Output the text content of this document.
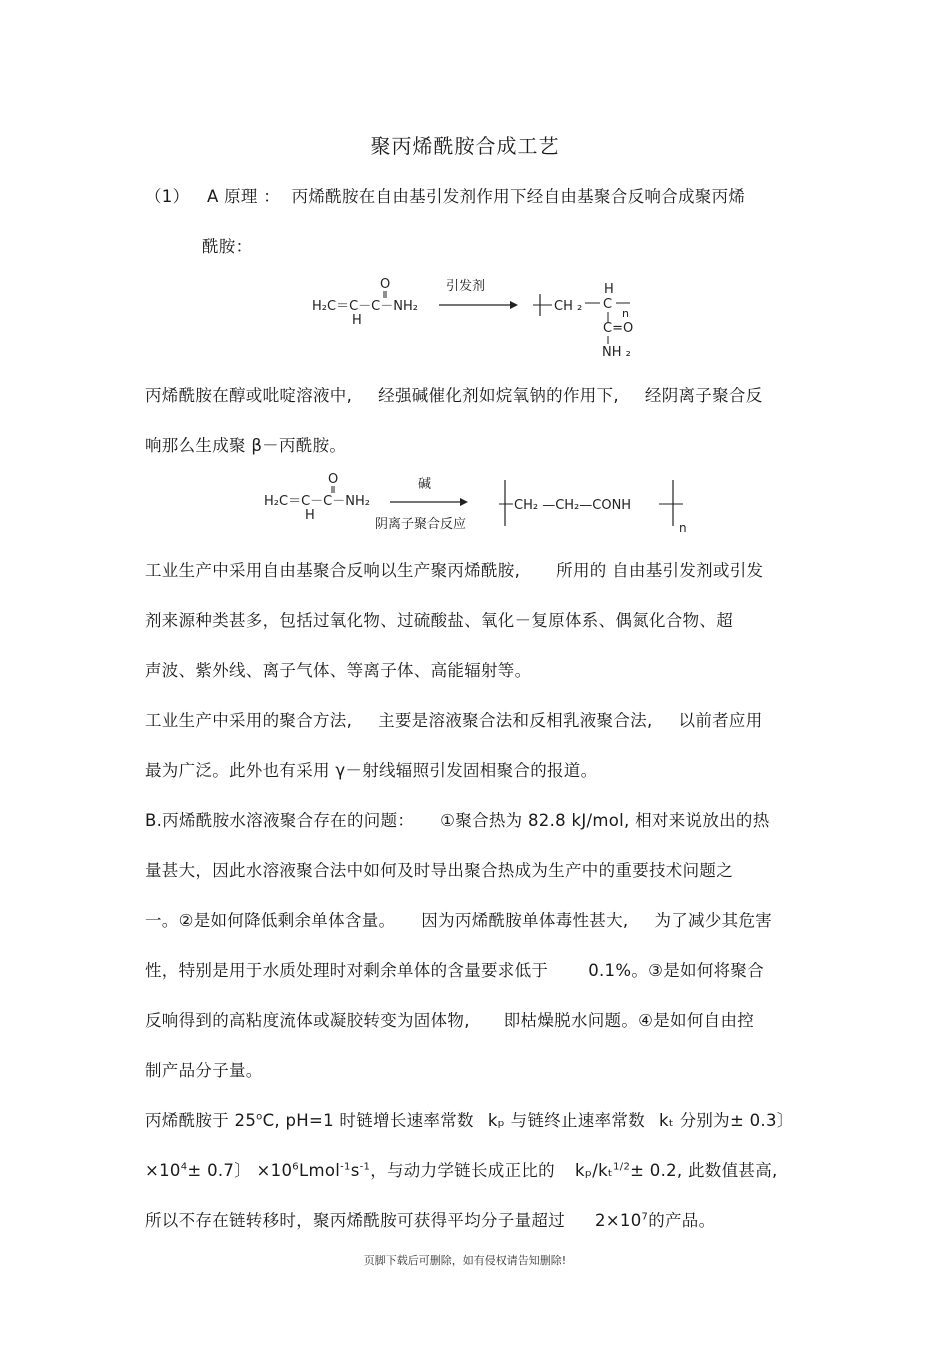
聚丙烯酰胺合成工艺
（1） A 原理 ： 丙烯酰胺在自由基引发剂作用下经自由基聚合反响合成聚丙烯
酰胺：
O
H₂C＝C－C－NH₂
H
引发剂
CH ₂
H
C
n
C=O
NH ₂
丙烯酰胺在醇或吡啶溶液中, 经强碱催化剂如烷氧钠的作用下, 经阴离子聚合反
响那么生成聚 β－丙酰胺。
O
H₂C＝C－C－NH₂
H
碱
阴离子聚合反应
CH₂ —CH₂—CONH
n
工业生产中采用自由基聚合反响以生产聚丙烯酰胺, 所用的 自由基引发剂或引发
剂来源种类甚多，包括过氧化物、过硫酸盐、氧化－复原体系、偶氮化合物、超
声波、紫外线、离子气体、等离子体、高能辐射等。
工业生产中采用的聚合方法, 主要是溶液聚合法和反相乳液聚合法, 以前者应用
最为广泛。此外也有采用 γ－射线辐照引发固相聚合的报道。
B.丙烯酰胺水溶液聚合存在的问题： ①聚合热为 82.8 kJ/mol, 相对来说放出的热
量甚大，因此水溶液聚合法中如何及时导出聚合热成为生产中的重要技术问题之
一。②是如何降低剩余单体含量。 因为丙烯酰胺单体毒性甚大, 为了减少其危害
性，特别是用于水质处理时对剩余单体的含量要求低于 0.1%。③是如何将聚合
反响得到的高粘度流体或凝胶转变为固体物, 即枯燥脱水问题。④是如何自由控
制产品分子量。
丙烯酰胺于 25$^o$C, pH=1 时链增长速率常数 kₚ 与链终止速率常数 kₜ 分别为± 0.3〕
$\times 10^4\pm 0.7$〕 $\times 10^6Lmol^{-1}s^{-1}$，与动力学链长成正比的 kₚ/kₜ$^{1/2}$± 0.2, 此数值甚高,
所以不存在链转移时，聚丙烯酰胺可获得平均分子量超过 $2\times 10^7$的产品。
页脚下载后可删除，如有侵权请告知删除!
